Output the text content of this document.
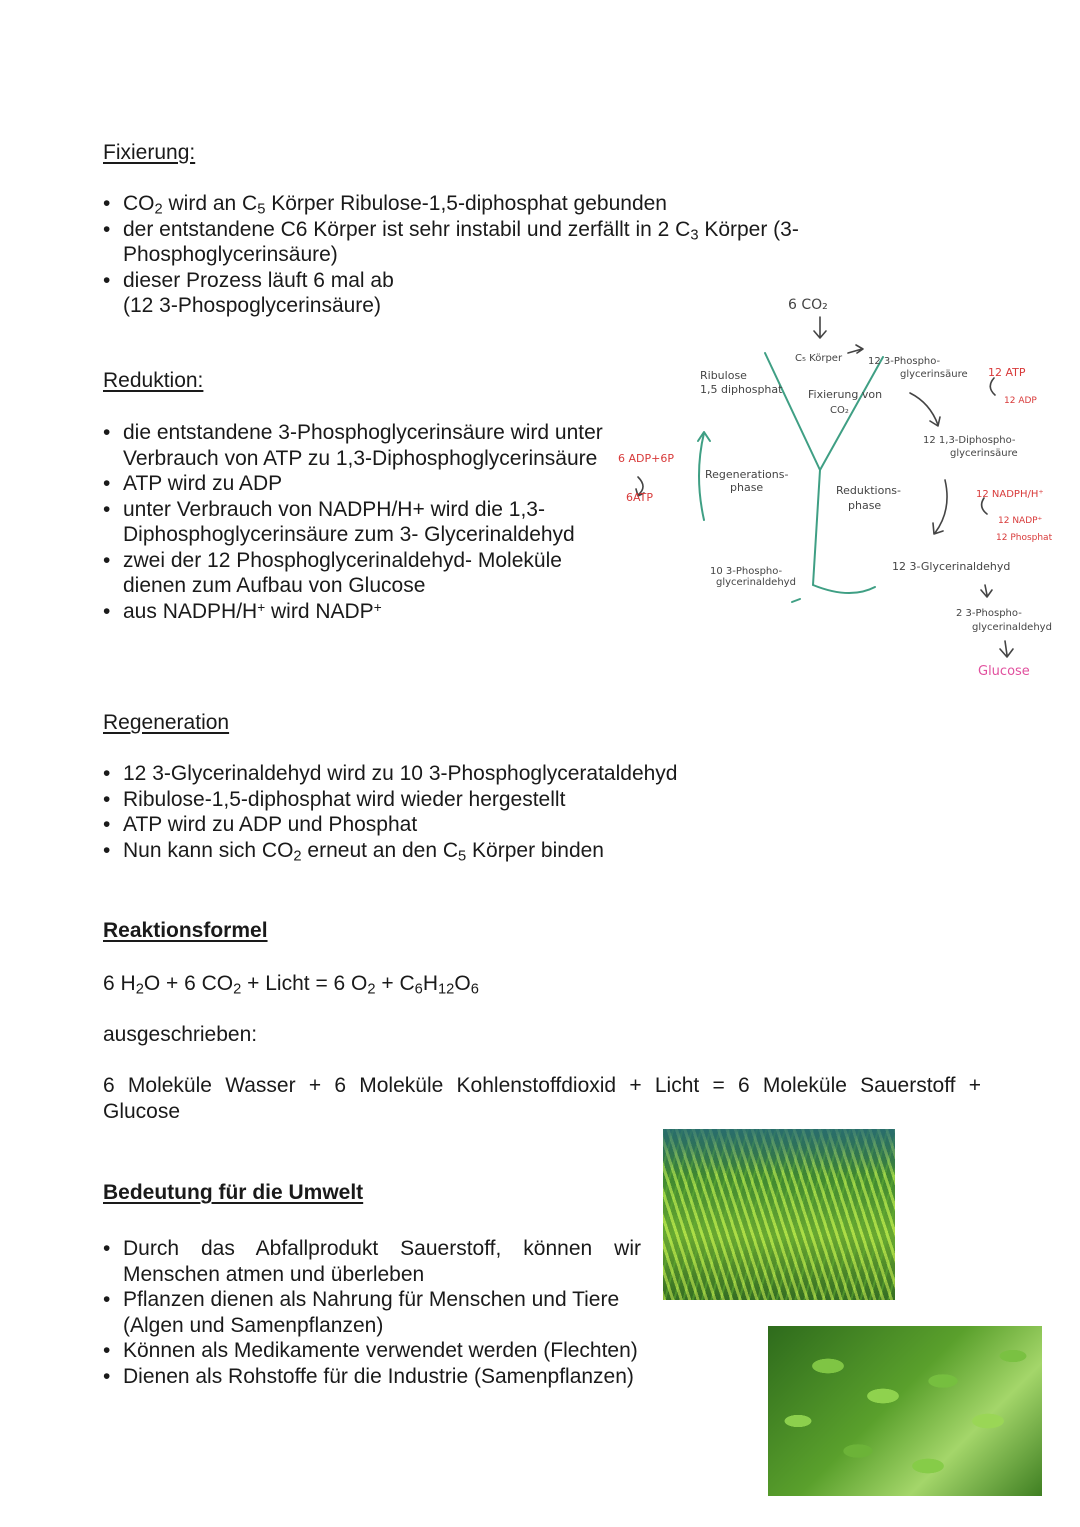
Fixierung:
• $CO_2$ wird an $C_5$ Körper Ribulose-1,5-diphosphat gebunden
• der entstandene C6 Körper ist sehr instabil und zerfällt in 2 $C_3$ Körper (3-Phosphoglycerinsäure)
• dieser Prozess läuft 6 mal ab
(12 3-Phospoglycerinsäure)
Reduktion:
• die entstandene 3-Phosphoglycerinsäure wird unter Verbrauch von ATP zu 1,3-Diphosphoglycerinsäure
• ATP wird zu ADP
• unter Verbrauch von NADPH/H+ wird die 1,3-Diphosphoglycerinsäure zum 3- Glycerinaldehyd
• zwei der 12 Phosphoglycerinaldehyd- Moleküle dienen zum Aufbau von Glucose
• aus NADPH/H+ wird NADP+
6 CO₂
C₅ Körper
Ribulose
1,5 diphosphat
12 3-Phospho-
glycerinsäure 12 ATP
12 ADP
Fixierung von
CO₂
12 1,3-Diphospho-
glycerinsäure
6 ADP+6P
6ATP
Regenerations-
phase	Reduktions-
phase
12 NADPH/H⁺
12 NADP⁺
12 Phosphat
10 3-Phospho-
glycerinaldehyd
12 3-Glycerinaldehyd
2 3-Phospho-
glycerinaldehyd
Glucose
Regeneration
• 12 3-Glycerinaldehyd wird zu 10 3-Phosphoglycerataldehyd
• Ribulose-1,5-diphosphat wird wieder hergestellt
• ATP wird zu ADP und Phosphat
• Nun kann sich $CO_2$ erneut an den $C_5$ Körper binden
Reaktionsformel
6 $H_2O + 6$ $CO_2$ + Licht = 6 $O_2 + C_6H_{12}O_6$
ausgeschrieben:
6 Moleküle Wasser + 6 Moleküle Kohlenstoffdioxid + Licht = 6 Moleküle Sauerstoff + Glucose
Bedeutung für die Umwelt
• Durch das Abfallprodukt Sauerstoff, können wir Menschen atmen und überleben
• Pflanzen dienen als Nahrung für Menschen und Tiere (Algen und Samenpflanzen)
• Können als Medikamente verwendet werden (Flechten)
• Dienen als Rohstoffe für die Industrie (Samenpflanzen)
